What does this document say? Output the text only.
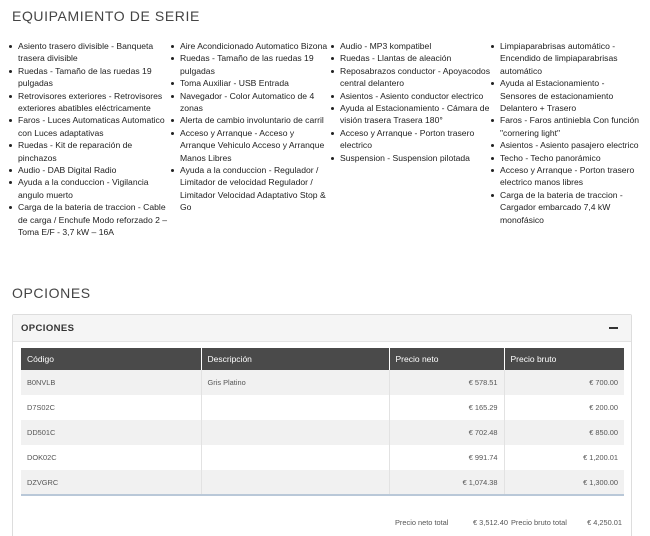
EQUIPAMIENTO DE SERIE
Asiento trasero divisible - Banqueta trasera divisible
Ruedas - Tamaño de las ruedas 19 pulgadas
Retrovisores exteriores - Retrovisores exteriores abatibles eléctricamente
Faros - Luces Automaticas Automatico con Luces adaptativas
Ruedas - Kit de reparación de pinchazos
Audio - DAB Digital Radio
Ayuda a la conduccion - Vigilancia angulo muerto
Carga de la bateria de traccion - Cable de carga / Enchufe Modo reforzado 2 – Toma E/F - 3,7 kW – 16A
Aire Acondicionado Automatico Bizona
Ruedas - Tamaño de las ruedas 19 pulgadas
Toma Auxiliar - USB Entrada
Navegador - Color Automatico de 4 zonas
Alerta de cambio involuntario de carril
Acceso y Arranque - Acceso y Arranque Vehiculo Acceso y Arranque Manos Libres
Ayuda a la conduccion - Regulador / Limitador de velocidad Regulador / Limitador Velocidad Adaptativo Stop & Go
Audio - MP3 kompatibel
Ruedas - Llantas de aleación
Reposabrazos conductor - Apoyacodos central delantero
Asientos - Asiento conductor electrico
Ayuda al Estacionamiento - Cámara de visión trasera Trasera 180°
Acceso y Arranque - Porton trasero electrico
Suspension - Suspension pilotada
Limpiaparabrisas automático - Encendido de limpiaparabrisas automático
Ayuda al Estacionamiento - Sensores de estacionamiento Delantero + Trasero
Faros - Faros antiniebla Con función "cornering light"
Asientos - Asiento pasajero electrico
Techo - Techo panorámico
Acceso y Arranque - Porton trasero electrico manos libres
Carga de la bateria de traccion - Cargador embarcado 7,4 kW monofásico
OPCIONES
OPCIONES
Código	Descripción	Precio neto	Precio bruto
B0NVLB	Gris Platino	€ 578.51	€ 700.00
D7S02C		€ 165.29	€ 200.00
DD501C		€ 702.48	€ 850.00
DOK02C		€ 991.74	€ 1,200.01
DZVGRC		€ 1,074.38	€ 1,300.00
Precio neto total	€ 3,512.40 Precio bruto total	€ 4,250.01
